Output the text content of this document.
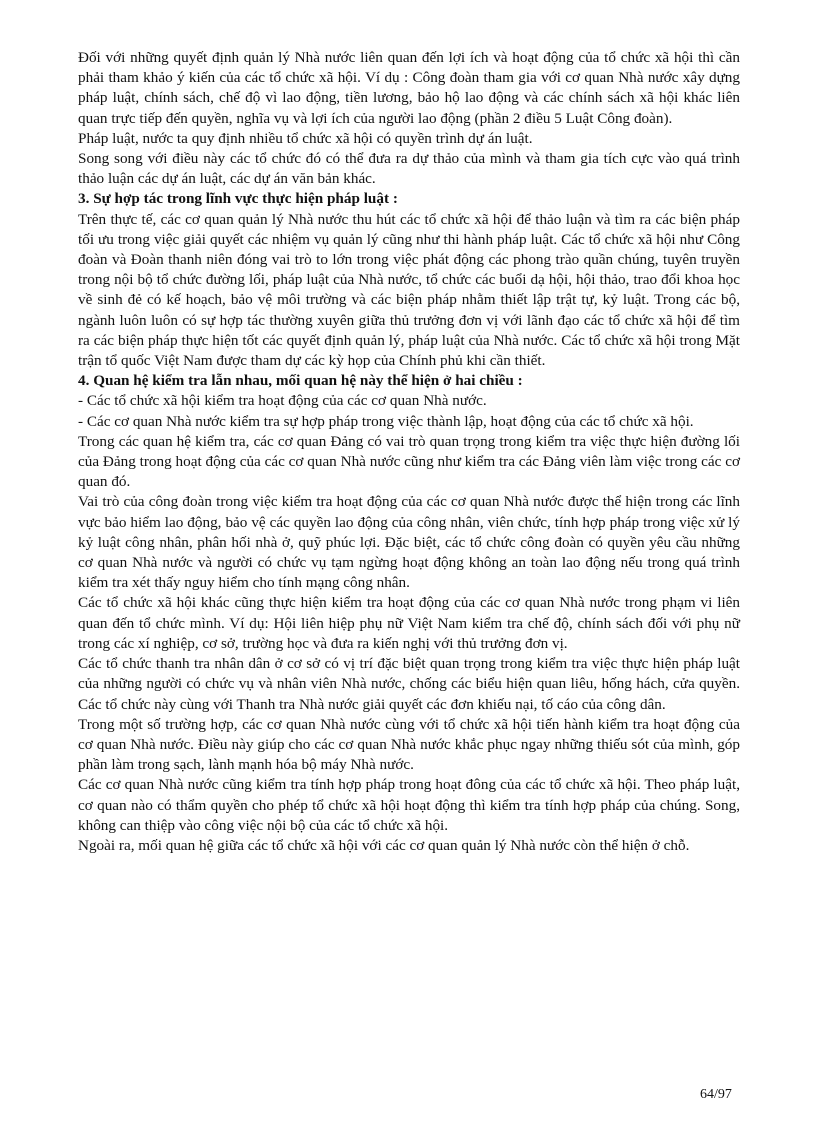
Đối với những quyết định quản lý Nhà nước liên quan đến lợi ích và hoạt động của tổ chức xã hội thì cần phải tham khảo ý kiến của các tổ chức xã hội. Ví dụ : Công đoàn tham gia với cơ quan Nhà nước xây dựng pháp luật, chính sách, chế độ vì lao động, tiền lương, bảo hộ lao động và các chính sách xã hội khác liên quan trực tiếp đến quyền, nghĩa vụ và lợi ích của người lao động (phần 2 điều 5 Luật Công đoàn).

Pháp luật, nước ta quy định nhiều tổ chức xã hội có quyền trình dự án luật.

Song song với điều này các tổ chức đó có thể đưa ra dự thảo của mình và tham gia tích cực vào quá trình thảo luận các dự án luật, các dự án văn bản khác.

3. Sự hợp tác trong lĩnh vực thực hiện pháp luật :

Trên thực tế, các cơ quan quản lý Nhà nước thu hút các tổ chức xã hội để thảo luận và tìm ra các biện pháp tối ưu trong việc giải quyết các nhiệm vụ quản lý cũng như thi hành pháp luật. Các tổ chức xã hội như Công đoàn và Đoàn thanh niên đóng vai trò to lớn trong việc phát động các phong trào quần chúng, tuyên truyền trong nội bộ tổ chức đường lối, pháp luật của Nhà nước, tổ chức các buổi dạ hội, hội thảo, trao đổi khoa học về sinh đẻ có kế hoạch, bảo vệ môi trường và các biện pháp nhằm thiết lập trật tự, kỷ luật. Trong các bộ, ngành luôn luôn có sự hợp tác thường xuyên giữa thủ trưởng đơn vị với lãnh đạo các tổ chức xã hội để tìm ra các biện pháp thực hiện tốt các quyết định quản lý, pháp luật của Nhà nước. Các tổ chức xã hội trong Mặt trận tổ quốc Việt Nam được tham dự các kỳ họp của Chính phủ khi cần thiết.

4. Quan hệ kiểm tra lẫn nhau, mối quan hệ này thể hiện ở hai chiều :

- Các tổ chức xã hội kiểm tra hoạt động của các cơ quan Nhà nước.

- Các cơ quan Nhà nước kiểm tra sự hợp pháp trong việc thành lập, hoạt động của các tổ chức xã hội.

Trong các quan hệ kiểm tra, các cơ quan Đảng có vai trò quan trọng trong kiểm tra việc thực hiện đường lối của Đảng trong hoạt động của các cơ quan Nhà nước cũng như kiểm tra các Đảng viên làm việc trong các cơ quan đó.

Vai trò của công đoàn trong việc kiểm tra hoạt động của các cơ quan Nhà nước được thể hiện trong các lĩnh vực bảo hiểm lao động, bảo vệ các quyền lao động của công nhân, viên chức, tính hợp pháp trong việc xử lý kỷ luật công nhân, phân hối nhà ở, quỹ phúc lợi. Đặc biệt, các tổ chức công đoàn có quyền yêu cầu những cơ quan Nhà nước và người có chức vụ tạm ngừng hoạt động không an toàn lao động nếu trong quá trình kiểm tra xét thấy nguy hiểm cho tính mạng công nhân.

Các tổ chức xã hội khác cũng thực hiện kiểm tra hoạt động của các cơ quan Nhà nước trong phạm vi liên quan đến tổ chức mình. Ví dụ: Hội liên hiệp phụ nữ Việt Nam kiểm tra chế độ, chính sách đối với phụ nữ trong các xí nghiệp, cơ sở, trường học và đưa ra kiến nghị với thủ trưởng đơn vị.

Các tổ chức thanh tra nhân dân ở cơ sở có vị trí đặc biệt quan trọng trong kiểm tra việc thực hiện pháp luật của những người có chức vụ và nhân viên Nhà nước, chống các biểu hiện quan liêu, hống hách, cửa quyền. Các tổ chức này cùng với Thanh tra Nhà nước giải quyết các đơn khiếu nại, tố cáo của công dân.

Trong một số trường hợp, các cơ quan Nhà nước cùng với tổ chức xã hội tiến hành kiểm tra hoạt động của cơ quan Nhà nước. Điều này giúp cho các cơ quan Nhà nước khắc phục ngay những thiếu sót của mình, góp phần làm trong sạch, lành mạnh hóa bộ máy Nhà nước.

Các cơ quan Nhà nước cũng kiểm tra tính hợp pháp trong hoạt đông của các tổ chức xã hội. Theo pháp luật, cơ quan nào có thẩm quyền cho phép tổ chức xã hội hoạt động thì kiểm tra tính hợp pháp của chúng. Song, không can thiệp vào công việc nội bộ của các tổ chức xã hội.

Ngoài ra, mối quan hệ giữa các tổ chức xã hội với các cơ quan quản lý Nhà nước còn thể hiện ở chỗ.

64/97
